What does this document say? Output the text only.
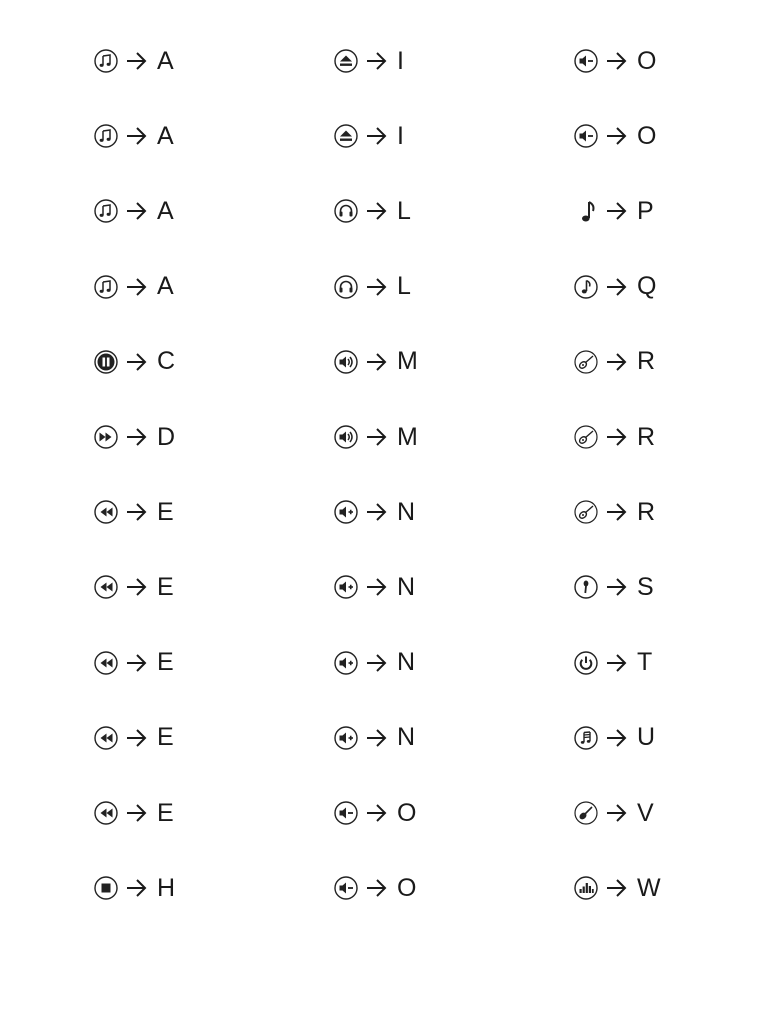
A
A
A
A
C
D
E
E
E
E
E
H
I
I
L
L
M
M
N
N
N
N
O
O
O
O
P
Q
R
R
R
S
T
U
V
W
